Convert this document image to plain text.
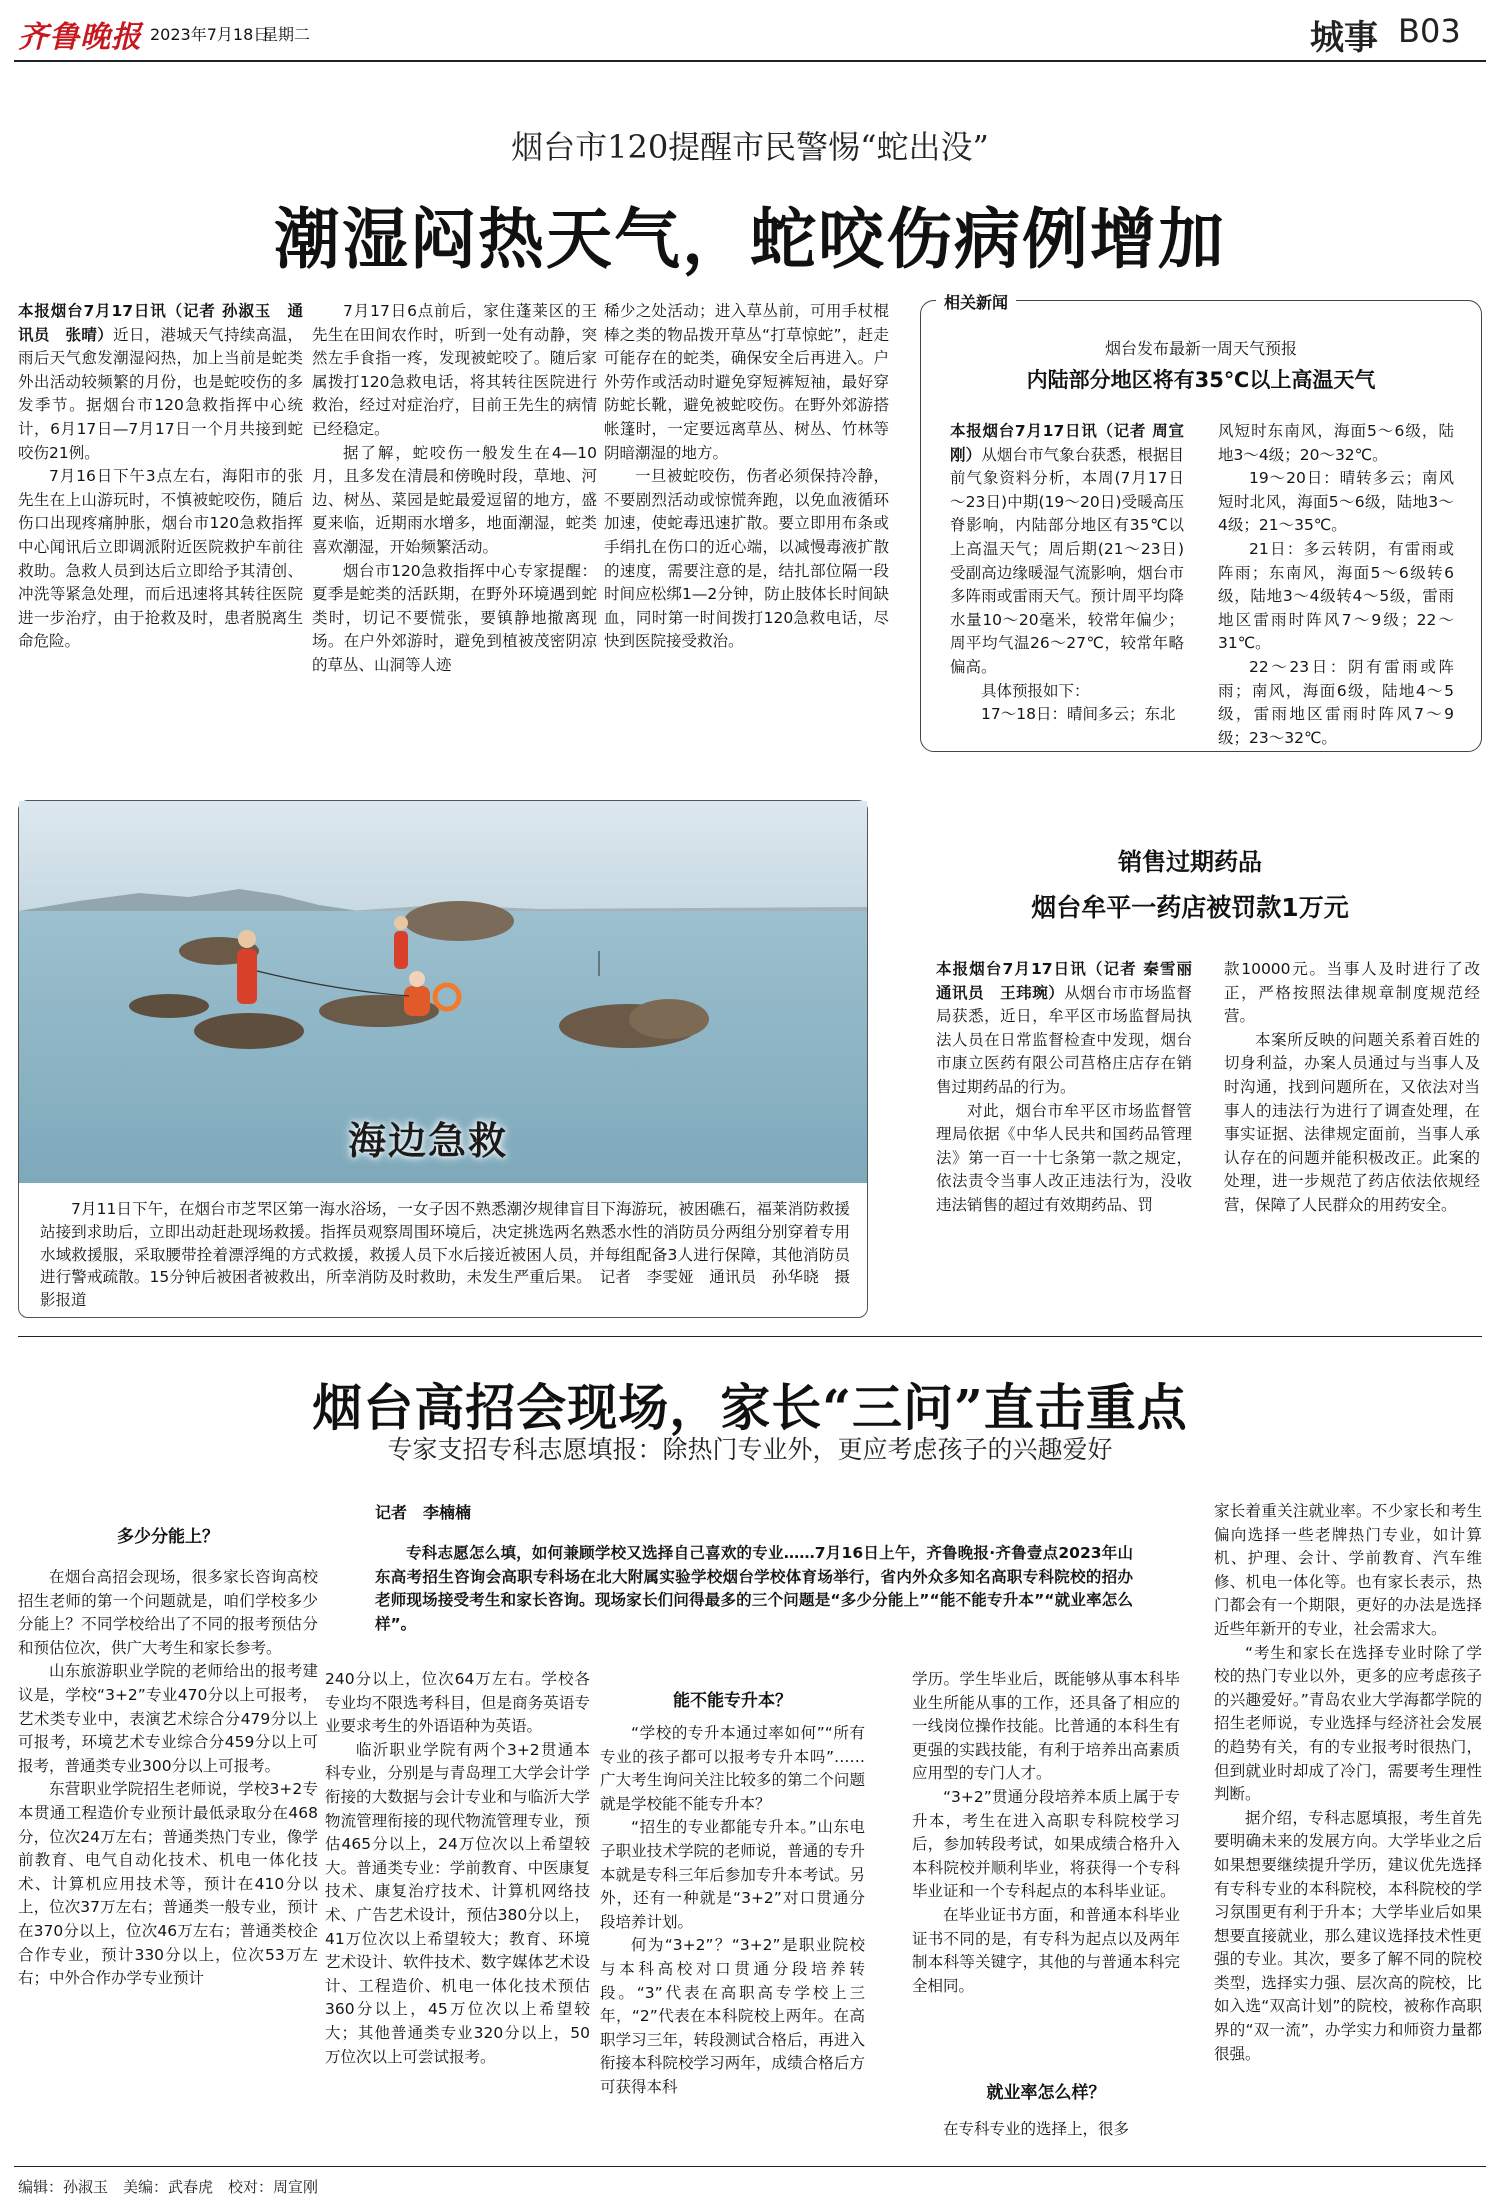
齐鲁晚报 2023年7月18日
星期二	城事 B03
烟台市120提醒市民警惕“蛇出没”
潮湿闷热天气，蛇咬伤病例增加

本报烟台7月17日讯（记者 孙淑玉　通讯员　张晴）近日，港城天气持续高温，雨后天气愈发潮湿闷热，加上当前是蛇类外出活动较频繁的月份，也是蛇咬伤的多发季节。据烟台市120急救指挥中心统计，6月17日—7月17日一个月共接到蛇咬伤21例。

7月16日下午3点左右，海阳市的张先生在上山游玩时，不慎被蛇咬伤，随后伤口出现疼痛肿胀，烟台市120急救指挥中心闻讯后立即调派附近医院救护车前往救助。急救人员到达后立即给予其清创、冲洗等紧急处理，而后迅速将其转往医院进一步治疗，由于抢救及时，患者脱离生命危险。

7月17日6点前后，家住蓬莱区的王先生在田间农作时，听到一处有动静，突然左手食指一疼，发现被蛇咬了。随后家属拨打120急救电话，将其转往医院进行救治，经过对症治疗，目前王先生的病情已经稳定。

据了解，蛇咬伤一般发生在4—10月，且多发在清晨和傍晚时段，草地、河边、树丛、菜园是蛇最爱逗留的地方，盛夏来临，近期雨水增多，地面潮湿，蛇类喜欢潮湿，开始频繁活动。

烟台市120急救指挥中心专家提醒：夏季是蛇类的活跃期，在野外环境遇到蛇类时，切记不要慌张，要镇静地撤离现场。在户外郊游时，避免到植被茂密阴凉的草丛、山洞等人迹

稀少之处活动；进入草丛前，可用手杖棍棒之类的物品拨开草丛“打草惊蛇”，赶走可能存在的蛇类，确保安全后再进入。户外劳作或活动时避免穿短裤短袖，最好穿防蛇长靴，避免被蛇咬伤。在野外郊游搭帐篷时，一定要远离草丛、树丛、竹林等阴暗潮湿的地方。

一旦被蛇咬伤，伤者必须保持冷静，不要剧烈活动或惊慌奔跑，以免血液循环加速，使蛇毒迅速扩散。要立即用布条或手绢扎在伤口的近心端，以减慢毒液扩散的速度，需要注意的是，结扎部位隔一段时间应松绑1—2分钟，防止肢体长时间缺血，同时第一时间拨打120急救电话，尽快到医院接受救治。

相关新闻
烟台发布最新一周天气预报
内陆部分地区将有35℃以上高温天气

本报烟台7月17日讯（记者 周宣刚）从烟台市气象台获悉，根据目前气象资料分析，本周(7月17日～23日)中期(19～20日)受暖高压脊影响，内陆部分地区有35℃以上高温天气；周后期(21～23日)受副高边缘暖湿气流影响，烟台市多阵雨或雷雨天气。预计周平均降水量10～20毫米，较常年偏少；周平均气温26～27℃，较常年略偏高。

具体预报如下：

17～18日：晴间多云；东北

风短时东南风，海面5～6级，陆地3～4级；20～32℃。

19～20日：晴转多云；南风短时北风，海面5～6级，陆地3～4级；21～35℃。

21日：多云转阴，有雷雨或阵雨；东南风，海面5～6级转6级，陆地3～4级转4～5级，雷雨地区雷雨时阵风7～9级；22～31℃。

22～23日：阴有雷雨或阵雨；南风，海面6级，陆地4～5级，雷雨地区雷雨时阵风7～9级；23～32℃。

海边急救

7月11日下午，在烟台市芝罘区第一海水浴场，一女子因不熟悉潮汐规律盲目下海游玩，被困礁石，福莱消防救援站接到求助后，立即出动赶赴现场救援。指挥员观察周围环境后，决定挑选两名熟悉水性的消防员分两组分别穿着专用水域救援服，采取腰带拴着漂浮绳的方式救援，救援人员下水后接近被困人员，并每组配备3人进行保障，其他消防员进行警戒疏散。15分钟后被困者被救出，所幸消防及时救助，未发生严重后果。　 记者　李雯娅　通讯员　孙华晓　摄影报道

销售过期药品
烟台牟平一药店被罚款1万元

本报烟台7月17日讯（记者 秦雪丽　通讯员　王玮琬）从烟台市市场监督局获悉，近日，牟平区市场监督局执法人员在日常监督检查中发现，烟台市康立医药有限公司莒格庄店存在销售过期药品的行为。

对此，烟台市牟平区市场监督管理局依据《中华人民共和国药品管理法》第一百一十七条第一款之规定，依法责令当事人改正违法行为，没收违法销售的超过有效期药品、罚

款10000元。当事人及时进行了改正，严格按照法律规章制度规范经营。

本案所反映的问题关系着百姓的切身利益，办案人员通过与当事人及时沟通，找到问题所在，又依法对当事人的违法行为进行了调查处理，在事实证据、法律规定面前，当事人承认存在的问题并能积极改正。此案的处理，进一步规范了药店依法依规经营，保障了人民群众的用药安全。

烟台高招会现场，家长“三问”直击重点
专家支招专科志愿填报：除热门专业外，更应考虑孩子的兴趣爱好
记者　李楠楠

专科志愿怎么填，如何兼顾学校又选择自己喜欢的专业……7月16日上午，齐鲁晚报·齐鲁壹点2023年山东高考招生咨询会高职专科场在北大附属实验学校烟台学校体育场举行，省内外众多知名高职专科院校的招办老师现场接受考生和家长咨询。现场家长们问得最多的三个问题是“多少分能上”“能不能专升本”“就业率怎么样”。

多少分能上？

在烟台高招会现场，很多家长咨询高校招生老师的第一个问题就是，咱们学校多少分能上？不同学校给出了不同的报考预估分和预估位次，供广大考生和家长参考。

山东旅游职业学院的老师给出的报考建议是，学校“3+2”专业470分以上可报考，艺术类专业中，表演艺术综合分479分以上可报考，环境艺术专业综合分459分以上可报考，普通类专业300分以上可报考。

东营职业学院招生老师说，学校3+2专本贯通工程造价专业预计最低录取分在468分，位次24万左右；普通类热门专业，像学前教育、电气自动化技术、机电一体化技术、计算机应用技术等，预计在410分以上，位次37万左右；普通类一般专业，预计在370分以上，位次46万左右；普通类校企合作专业，预计330分以上，位次53万左右；中外合作办学专业预计

240分以上，位次64万左右。学校各专业均不限选考科目，但是商务英语专业要求考生的外语语种为英语。

临沂职业学院有两个3+2贯通本科专业，分别是与青岛理工大学会计学衔接的大数据与会计专业和与临沂大学物流管理衔接的现代物流管理专业，预估465分以上，24万位次以上希望较大。普通类专业：学前教育、中医康复技术、康复治疗技术、计算机网络技术、广告艺术设计，预估380分以上，41万位次以上希望较大；教育、环境艺术设计、软件技术、数字媒体艺术设计、工程造价、机电一体化技术预估360分以上，45万位次以上希望较大；其他普通类专业320分以上，50万位次以上可尝试报考。

能不能专升本？

“学校的专升本通过率如何”“所有专业的孩子都可以报考专升本吗”……广大考生询问关注比较多的第二个问题就是学校能不能专升本？

“招生的专业都能专升本。”山东电子职业技术学院的老师说，普通的专升本就是专科三年后参加专升本考试。另外，还有一种就是“3+2”对口贯通分段培养计划。

何为“3+2”？“3+2”是职业院校与本科高校对口贯通分段培养转段。“3”代表在高职高专学校上三年，“2”代表在本科院校上两年。在高职学习三年，转段测试合格后，再进入衔接本科院校学习两年，成绩合格后方可获得本科

学历。学生毕业后，既能够从事本科毕业生所能从事的工作，还具备了相应的一线岗位操作技能。比普通的本科生有更强的实践技能，有利于培养出高素质应用型的专门人才。

“3+2”贯通分段培养本质上属于专升本，考生在进入高职专科院校学习后，参加转段考试，如果成绩合格升入本科院校并顺利毕业，将获得一个专科毕业证和一个专科起点的本科毕业证。

在毕业证书方面，和普通本科毕业证书不同的是，有专科为起点以及两年制本科等关键字，其他的与普通本科完全相同。

就业率怎么样？

在专科专业的选择上，很多

家长着重关注就业率。不少家长和考生偏向选择一些老牌热门专业，如计算机、护理、会计、学前教育、汽车维修、机电一体化等。也有家长表示，热门都会有一个期限，更好的办法是选择近些年新开的专业，社会需求大。

“考生和家长在选择专业时除了学校的热门专业以外，更多的应考虑孩子的兴趣爱好。”青岛农业大学海都学院的招生老师说，专业选择与经济社会发展的趋势有关，有的专业报考时很热门，但到就业时却成了冷门，需要考生理性判断。

据介绍，专科志愿填报，考生首先要明确未来的发展方向。大学毕业之后如果想要继续提升学历，建议优先选择有专科专业的本科院校，本科院校的学习氛围更有利于升本；大学毕业后如果想要直接就业，那么建议选择技术性更强的专业。其次，要多了解不同的院校类型，选择实力强、层次高的院校，比如入选“双高计划”的院校，被称作高职界的“双一流”，办学实力和师资力量都很强。

编辑：孙淑玉　美编：武春虎　校对：周宣刚
